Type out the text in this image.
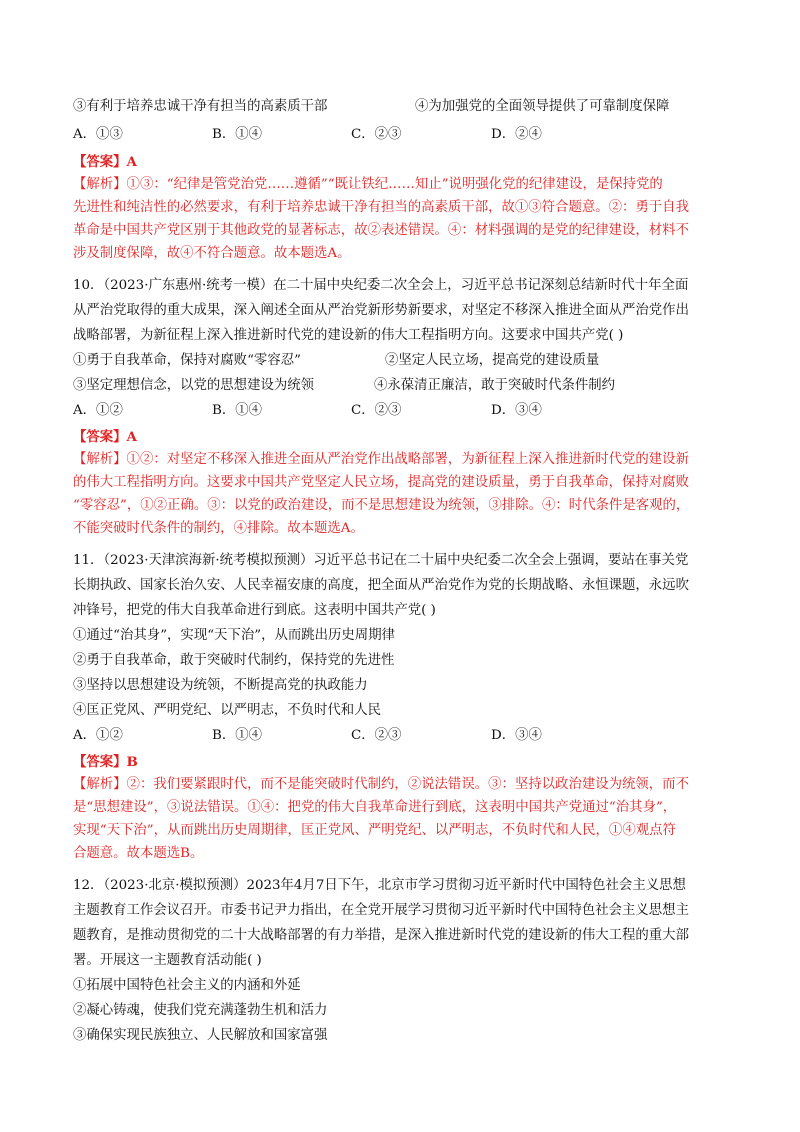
③有利于培养忠诚干净有担当的高素质干部	④为加强党的全面领导提供了可靠制度保障
A．①③	B．①④	C．②③	D．②④
【答案】A
【解析】①③：“纪律是管党治党……遵循”“既让铁纪……知止”说明强化党的纪律建设，是保持党的
先进性和纯洁性的必然要求，有利于培养忠诚干净有担当的高素质干部，故①③符合题意。②：勇于自我
革命是中国共产党区别于其他政党的显著标志，故②表述错误。④：材料强调的是党的纪律建设，材料不
涉及制度保障，故④不符合题意。故本题选A。
10．（2023·广东惠州·统考一模）在二十届中央纪委二次全会上，习近平总书记深刻总结新时代十年全面
从严治党取得的重大成果，深入阐述全面从严治党新形势新要求，对坚定不移深入推进全面从严治党作出
战略部署，为新征程上深入推进新时代党的建设新的伟大工程指明方向。这要求中国共产党( )
①勇于自我革命，保持对腐败“零容忍”	②坚定人民立场，提高党的建设质量
③坚定理想信念，以党的思想建设为统领	④永葆清正廉洁，敢于突破时代条件制约
A．①②	B．①④	C．②③	D．③④
【答案】A
【解析】①②：对坚定不移深入推进全面从严治党作出战略部署，为新征程上深入推进新时代党的建设新
的伟大工程指明方向。这要求中国共产党坚定人民立场，提高党的建设质量，勇于自我革命，保持对腐败
“零容忍”，①②正确。③：以党的政治建设，而不是思想建设为统领，③排除。④：时代条件是客观的，
不能突破时代条件的制约，④排除。故本题选A。
11．（2023·天津滨海新·统考模拟预测）习近平总书记在二十届中央纪委二次全会上强调，要站在事关党
长期执政、国家长治久安、人民幸福安康的高度，把全面从严治党作为党的长期战略、永恒课题，永远吹
冲锋号，把党的伟大自我革命进行到底。这表明中国共产党( )
①通过“治其身”，实现“天下治”，从而跳出历史周期律
②勇于自我革命，敢于突破时代制约，保持党的先进性
③坚持以思想建设为统领，不断提高党的执政能力
④匡正党风、严明党纪、以严明志，不负时代和人民
A．①②	B．①④	C．②③	D．③④
【答案】B
【解析】②：我们要紧跟时代，而不是能突破时代制约，②说法错误。③：坚持以政治建设为统领，而不
是“思想建设”，③说法错误。①④：把党的伟大自我革命进行到底，这表明中国共产党通过“治其身”，
实现“天下治”，从而跳出历史周期律，匡正党风、严明党纪、以严明志，不负时代和人民，①④观点符
合题意。故本题选B。
12．（2023·北京·模拟预测）2023年4月7日下午，北京市学习贯彻习近平新时代中国特色社会主义思想
主题教育工作会议召开。市委书记尹力指出，在全党开展学习贯彻习近平新时代中国特色社会主义思想主
题教育，是推动贯彻党的二十大战略部署的有力举措，是深入推进新时代党的建设新的伟大工程的重大部
署。开展这一主题教育活动能( )
①拓展中国特色社会主义的内涵和外延
②凝心铸魂，使我们党充满蓬勃生机和活力
③确保实现民族独立、人民解放和国家富强
